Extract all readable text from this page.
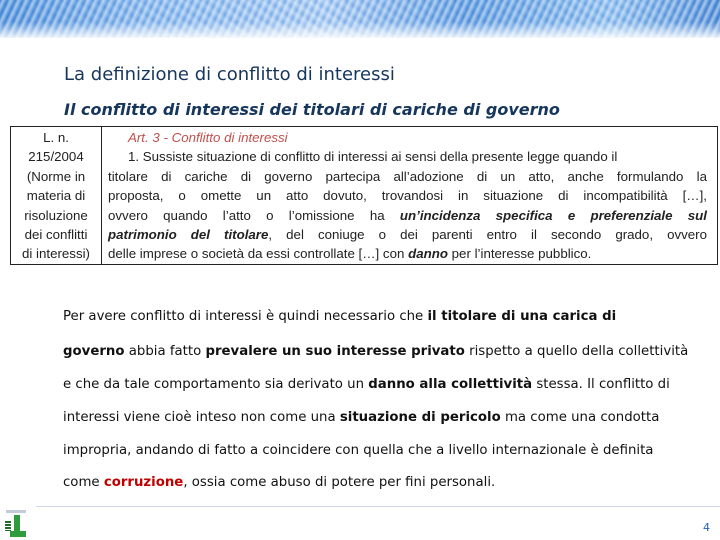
La definizione di conflitto di interessi
Il conflitto di interessi dei titolari di cariche di governo
L. n.
215/2004
(Norme in
materia di
risoluzione
dei conflitti
di interessi)
Art. 3 - Conflitto di interessi
1. Sussiste situazione di conflitto di interessi ai sensi della presente legge quando il
titolare di cariche di governo partecipa all’adozione di un atto, anche formulando la
proposta, o omette un atto dovuto, trovandosi in situazione di incompatibilità […],
ovvero quando l’atto o l’omissione ha un’incidenza specifica e preferenziale sul
patrimonio del titolare, del coniuge o dei parenti entro il secondo grado, ovvero
delle imprese o società da essi controllate […] con danno per l’interesse pubblico.
Per avere conflitto di interessi è quindi necessario che il titolare di una carica di
governo abbia fatto prevalere un suo interesse privato rispetto a quello della collettività
e che da tale comportamento sia derivato un danno alla collettività stessa. Il conflitto di
interessi viene cioè inteso non come una situazione di pericolo ma come una condotta
impropria, andando di fatto a coincidere con quella che a livello internazionale è definita
come corruzione, ossia come abuso di potere per fini personali.
4
